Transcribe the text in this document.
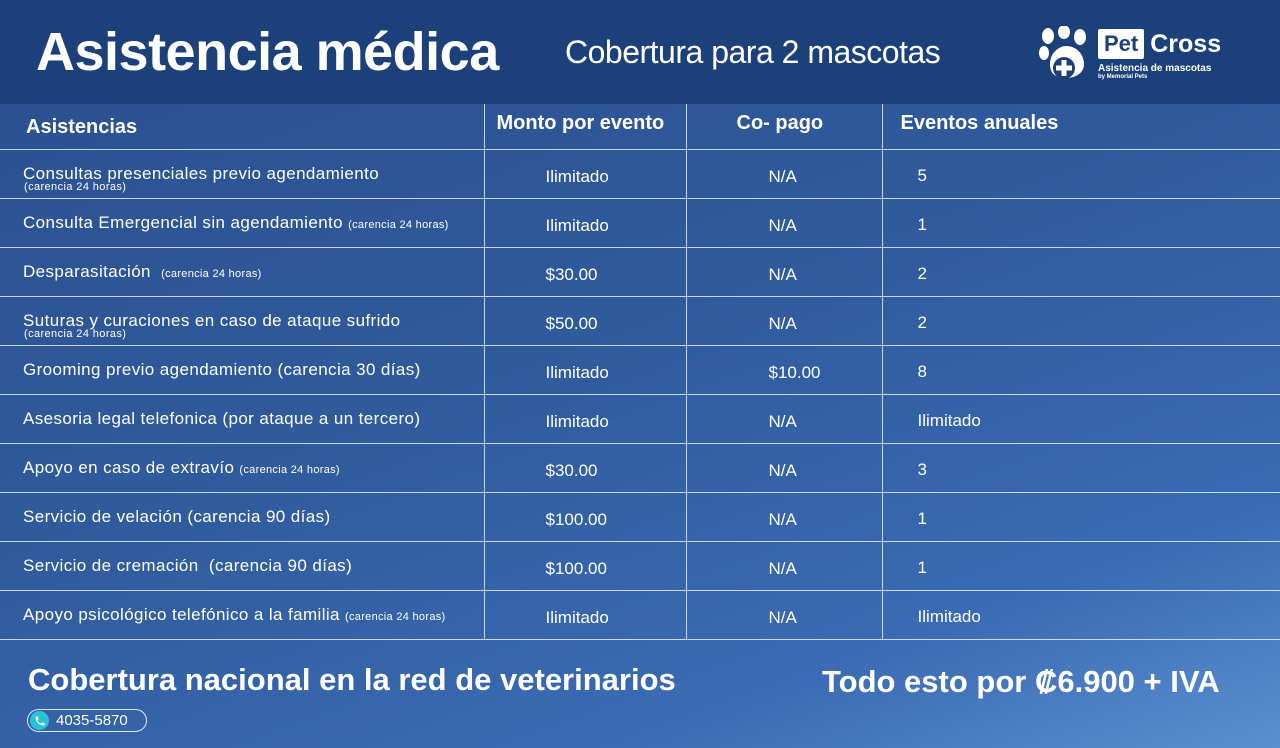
Asistencia médica Cobertura para 2 mascotas	Pet Cross
Asistencia de mascotas
by Memorial Pets
Asistencias	Monto por evento	Co- pago	Eventos anuales
Consultas presenciales previo agendamiento
(carencia 24 horas)	Ilimitado	N/A	5
Consulta Emergencial sin agendamiento (carencia 24 horas)	Ilimitado	N/A	1
Desparasitación (carencia 24 horas)	$30.00	N/A	2
Suturas y curaciones en caso de ataque sufrido
(carencia 24 horas)	$50.00	N/A	2
Grooming previo agendamiento (carencia 30 días)	Ilimitado	$10.00	8
Asesoria legal telefonica (por ataque a un tercero)	Ilimitado	N/A	Ilimitado
Apoyo en caso de extravío (carencia 24 horas)	$30.00	N/A	3
Servicio de velación (carencia 90 días)	$100.00	N/A	1
Servicio de cremación  (carencia 90 días)	$100.00	N/A	1
Apoyo psicológico telefónico a la familia (carencia 24 horas)	Ilimitado	N/A	Ilimitado
Cobertura nacional en la red de veterinarios	Todo esto por ₡6.900 + IVA
4035-5870
